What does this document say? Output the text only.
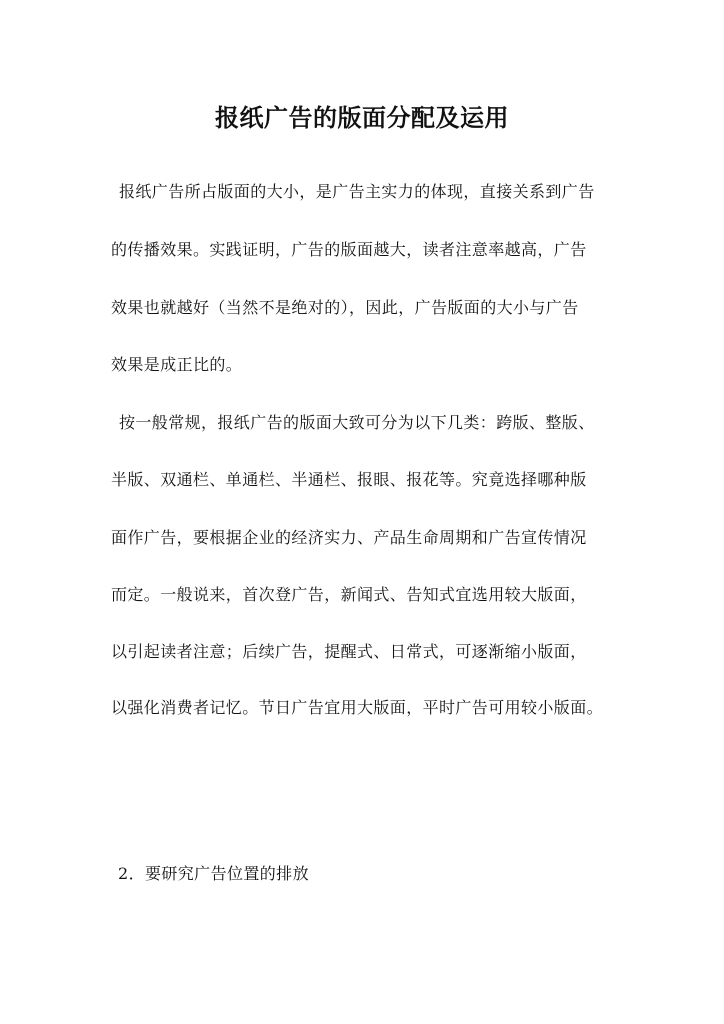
报纸广告的版面分配及运用
报纸广告所占版面的大小，是广告主实力的体现，直接关系到广告
的传播效果。实践证明，广告的版面越大，读者注意率越高，广告
效果也就越好（当然不是绝对的），因此，广告版面的大小与广告
效果是成正比的。
按一般常规，报纸广告的版面大致可分为以下几类：跨版、整版、
半版、双通栏、单通栏、半通栏、报眼、报花等。究竟选择哪种版
面作广告，要根据企业的经济实力、产品生命周期和广告宣传情况
而定。一般说来，首次登广告，新闻式、告知式宜选用较大版面，
以引起读者注意；后续广告，提醒式、日常式，可逐渐缩小版面，
以强化消费者记忆。节日广告宜用大版面，平时广告可用较小版面。
2．要研究广告位置的排放
